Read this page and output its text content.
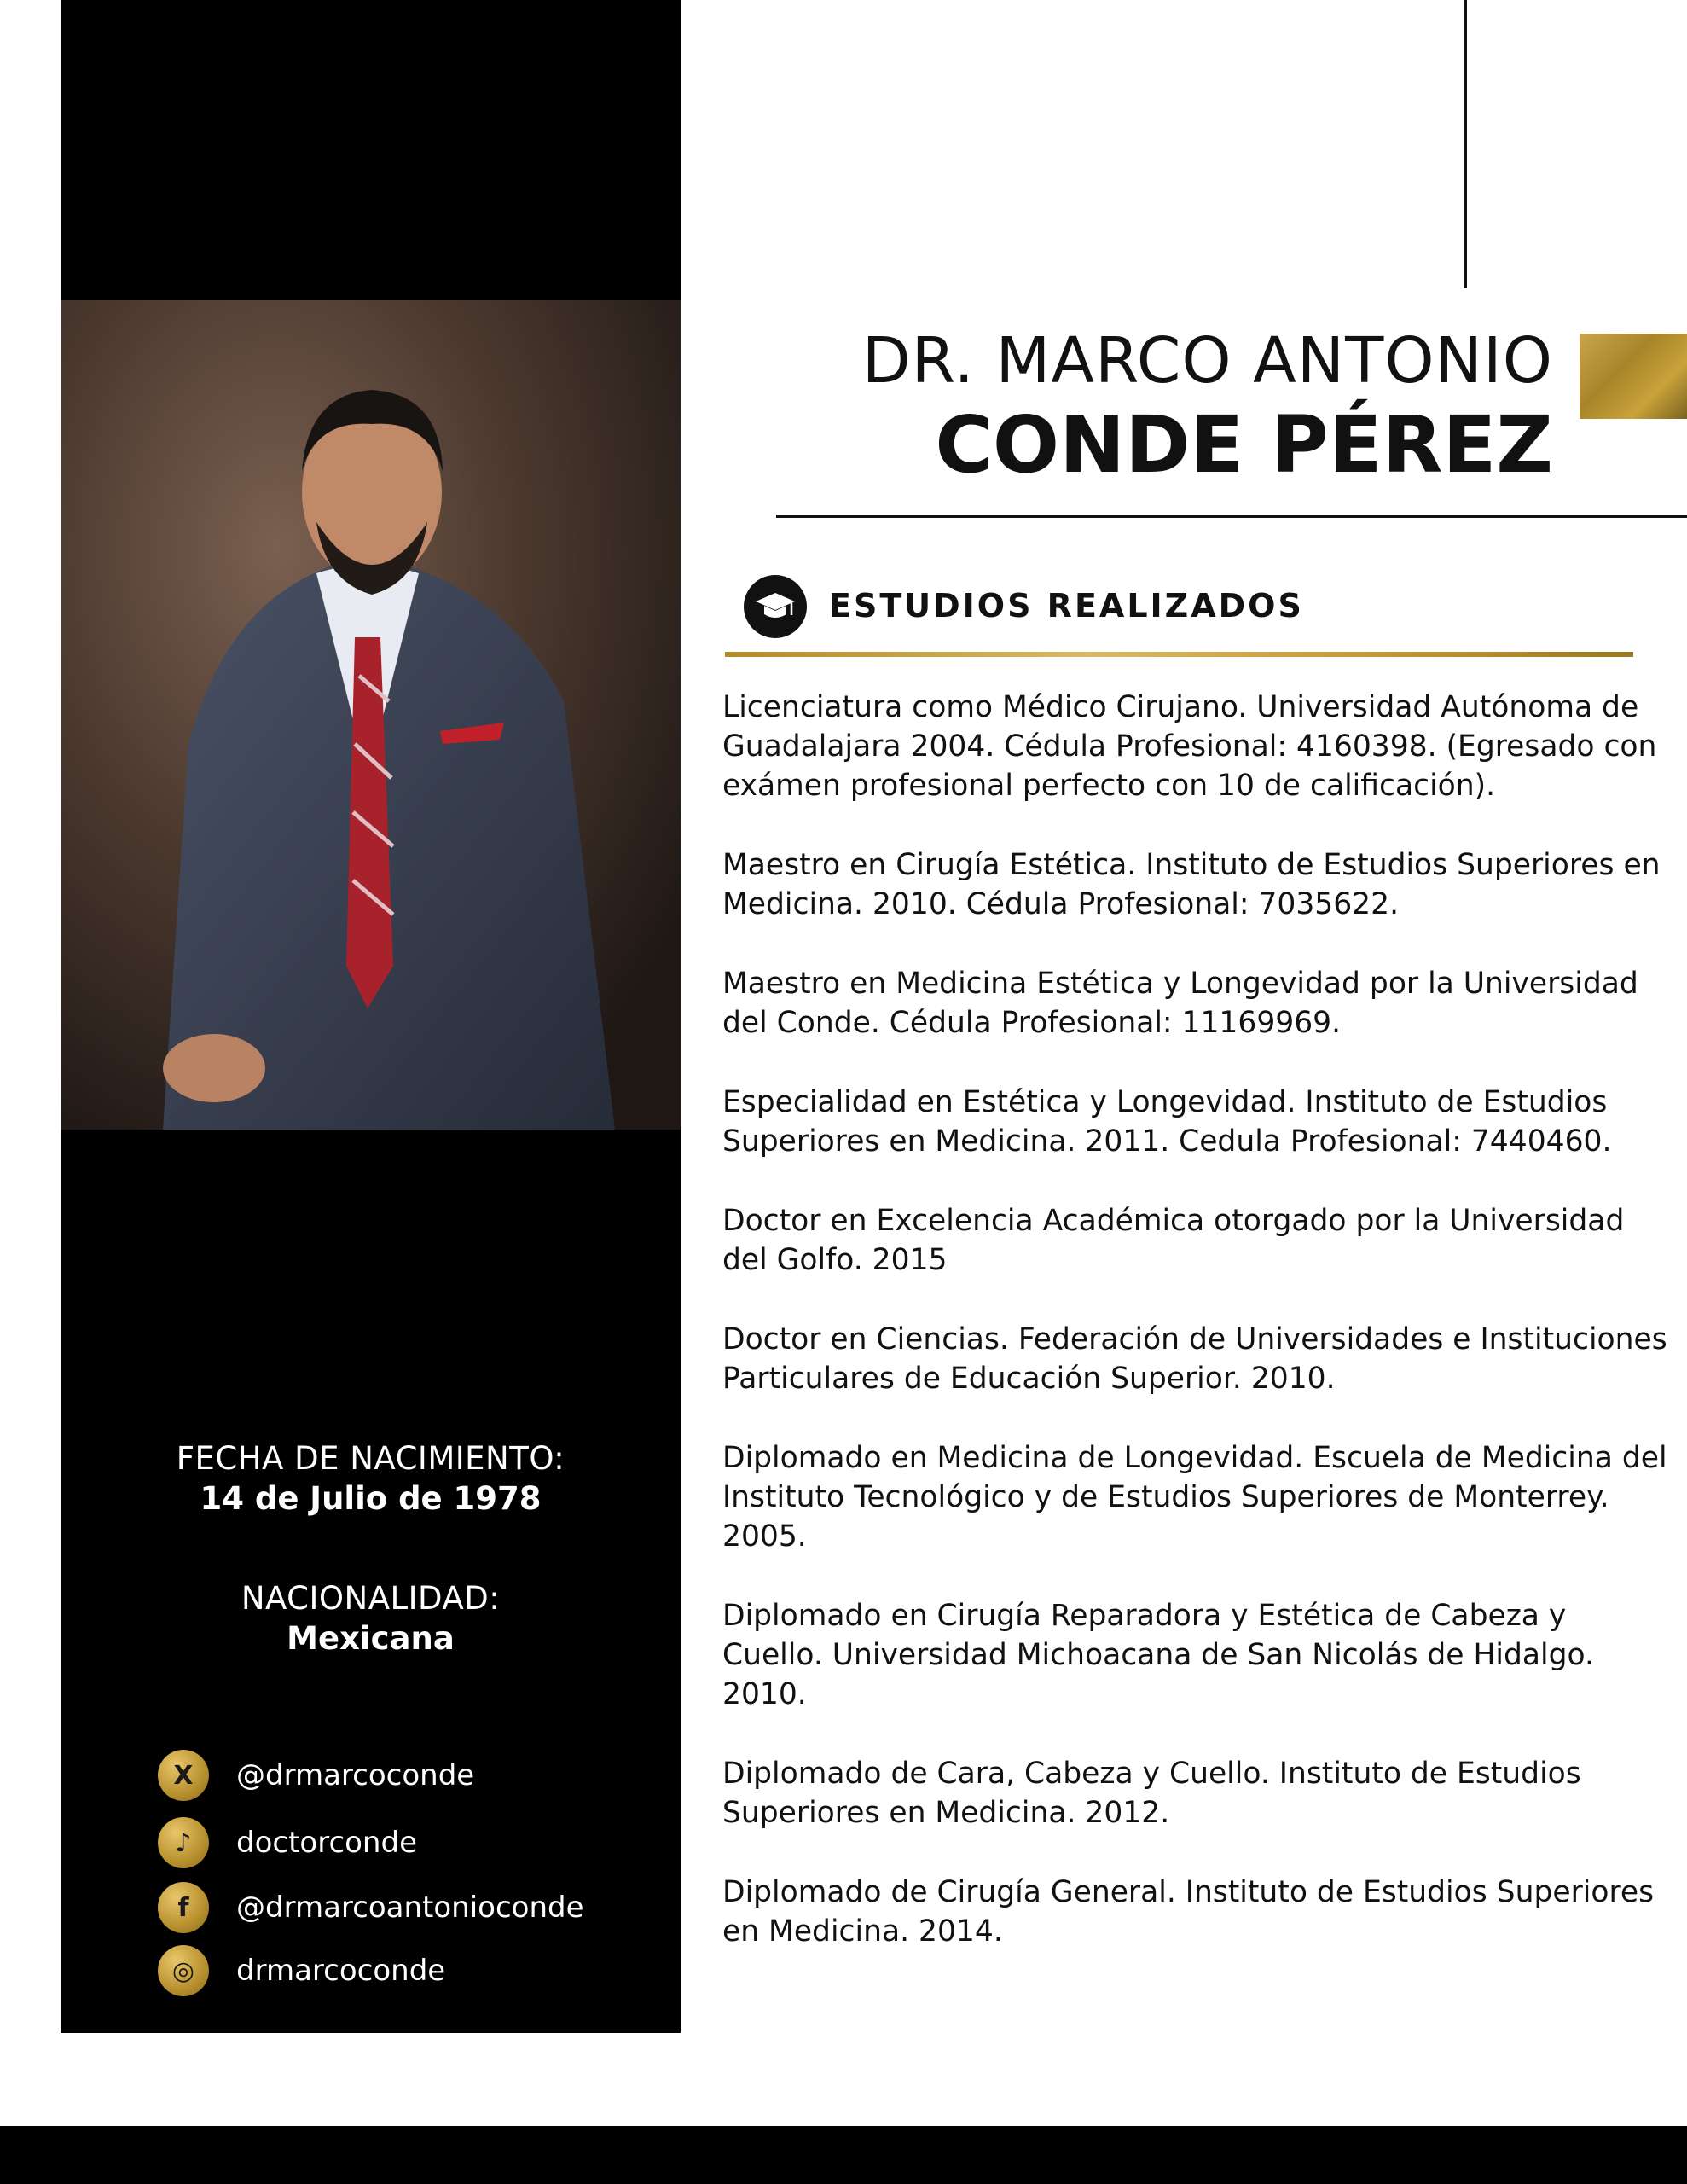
FECHA DE NACIMIENTO:
14 de Julio de 1978
NACIONALIDAD:
Mexicana
X	@drmarcoconde
♪	doctorconde
f	@drmarcoantonioconde
◎	drmarcoconde
DR. MARCO ANTONIO
CONDE PÉREZ
ESTUDIOS REALIZADOS
Licenciatura como Médico Cirujano. Universidad Autónoma de Guadalajara 2004. Cédula Profesional: 4160398. (Egresado con exámen profesional perfecto con 10 de calificación).
Maestro en Cirugía Estética. Instituto de Estudios Superiores en Medicina. 2010. Cédula Profesional: 7035622.
Maestro en Medicina Estética y Longevidad por la Universidad del Conde. Cédula Profesional: 11169969.
Especialidad en Estética y Longevidad. Instituto de Estudios Superiores en Medicina. 2011. Cedula Profesional: 7440460.
Doctor en Excelencia Académica otorgado por la Universidad del Golfo. 2015
Doctor en Ciencias. Federación de Universidades e Instituciones Particulares de Educación Superior. 2010.
Diplomado en Medicina de Longevidad. Escuela de Medicina del Instituto Tecnológico y de Estudios Superiores de Monterrey. 2005.
Diplomado en Cirugía Reparadora y Estética de Cabeza y Cuello. Universidad Michoacana de San Nicolás de Hidalgo. 2010.
Diplomado de Cara, Cabeza y Cuello. Instituto de Estudios Superiores en Medicina. 2012.
Diplomado de Cirugía General. Instituto de Estudios Superiores en Medicina. 2014.
